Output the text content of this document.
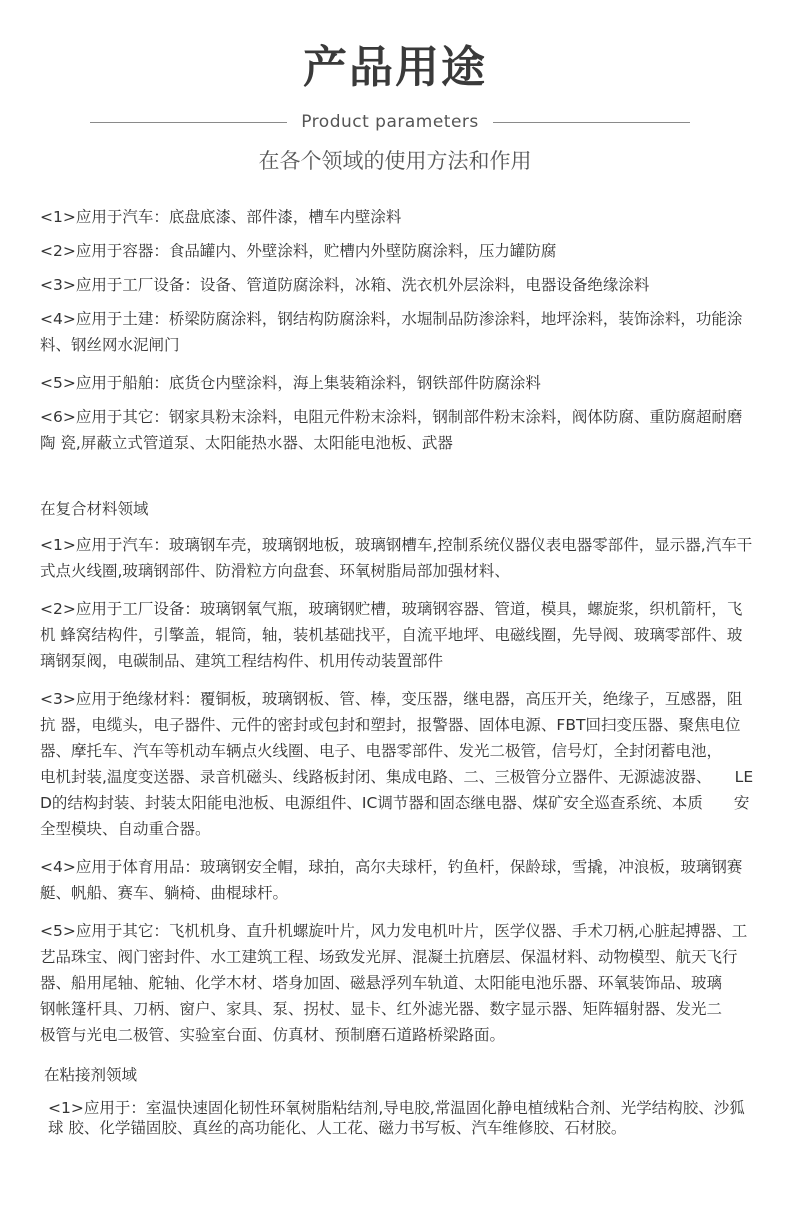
产品用途
Product parameters
在各个领域的使用方法和作用

<1>应用于汽车：底盘底漆、部件漆，槽车内壁涂料

<2>应用于容器：食品罐内、外壁涂料，贮槽内外壁防腐涂料，压力罐防腐

<3>应用于工厂设备：设备、管道防腐涂料，冰箱、洗衣机外层涂料，电器设备绝缘涂料

<4>应用于土建：桥梁防腐涂料，钢结构防腐涂料，水堀制品防渗涂料，地坪涂料，装饰涂料，功能涂　料、钢丝网水泥闸门

<5>应用于船舶：底货仓内壁涂料，海上集装箱涂料，钢铁部件防腐涂料

<6>应用于其它：钢家具粉末涂料，电阻元件粉末涂料，钢制部件粉末涂料，阀体防腐、重防腐超耐磨陶 瓷,屏蔽立式管道泵、太阳能热水器、太阳能电池板、武器

在复合材料领域

<1>应用于汽车：玻璃钢车壳，玻璃钢地板，玻璃钢槽车,控制系统仪器仪表电器零部件，显示器,汽车干 式点火线圈,玻璃钢部件、防滑粒方向盘套、环氧树脂局部加强材料、

<2>应用于工厂设备：玻璃钢氧气瓶，玻璃钢贮槽，玻璃钢容器、管道，模具，螺旋浆，织机箭杆，飞机 蜂窝结构件，引擎盖，辊筒，轴，装机基础找平，自流平地坪、电磁线圈，先导阀、玻璃零部件、玻　　璃钢泵阀，电碳制品、建筑工程结构件、机用传动装置部件

<3>应用于绝缘材料：覆铜板，玻璃钢板、管、棒，变压器，继电器，高压开关，绝缘子，互感器，阻抗 器，电缆头，电子器件、元件的密封或包封和塑封，报警器、固体电源、FBT回扫变压器、聚焦电位　　器、摩托车、汽车等机动车辆点火线圈、电子、电器零部件、发光二极管，信号灯，全封闭蓄电池，　　电机封装,温度变送器、录音机磁头、线路板封闭、集成电路、二、三极管分立器件、无源滤波器、　　LED的结构封装、封装太阳能电池板、电源组件、IC调节器和固态继电器、煤矿安全巡查系统、本质　　安全型模块、自动重合器。

<4>应用于体育用品：玻璃钢安全帽，球拍，高尔夫球杆，钓鱼杆，保龄球，雪撬，冲浪板，玻璃钢赛　艇、帆船、赛车、躺椅、曲棍球杆。

<5>应用于其它：飞机机身、直升机螺旋叶片，风力发电机叶片，医学仪器、手术刀柄,心脏起搏器、工艺品珠宝、阀门密封件、水工建筑工程、场致发光屏、混凝土抗磨层、保温材料、动物模型、航天飞行　　器、船用尾轴、舵轴、化学木材、塔身加固、磁悬浮列车轨道、太阳能电池乐器、环氧装饰品、玻璃　　钢帐篷杆具、刀柄、窗户、家具、泵、拐杖、显卡、红外滤光器、数字显示器、矩阵辐射器、发光二　　极管与光电二极管、实验室台面、仿真材、预制磨石道路桥梁路面。

在粘接剂领域

<1>应用于：室温快速固化韧性环氧树脂粘结剂,导电胶,常温固化静电植绒粘合剂、光学结构胶、沙狐球 胶、化学锚固胶、真丝的高功能化、人工花、磁力书写板、汽车维修胶、石材胶。
